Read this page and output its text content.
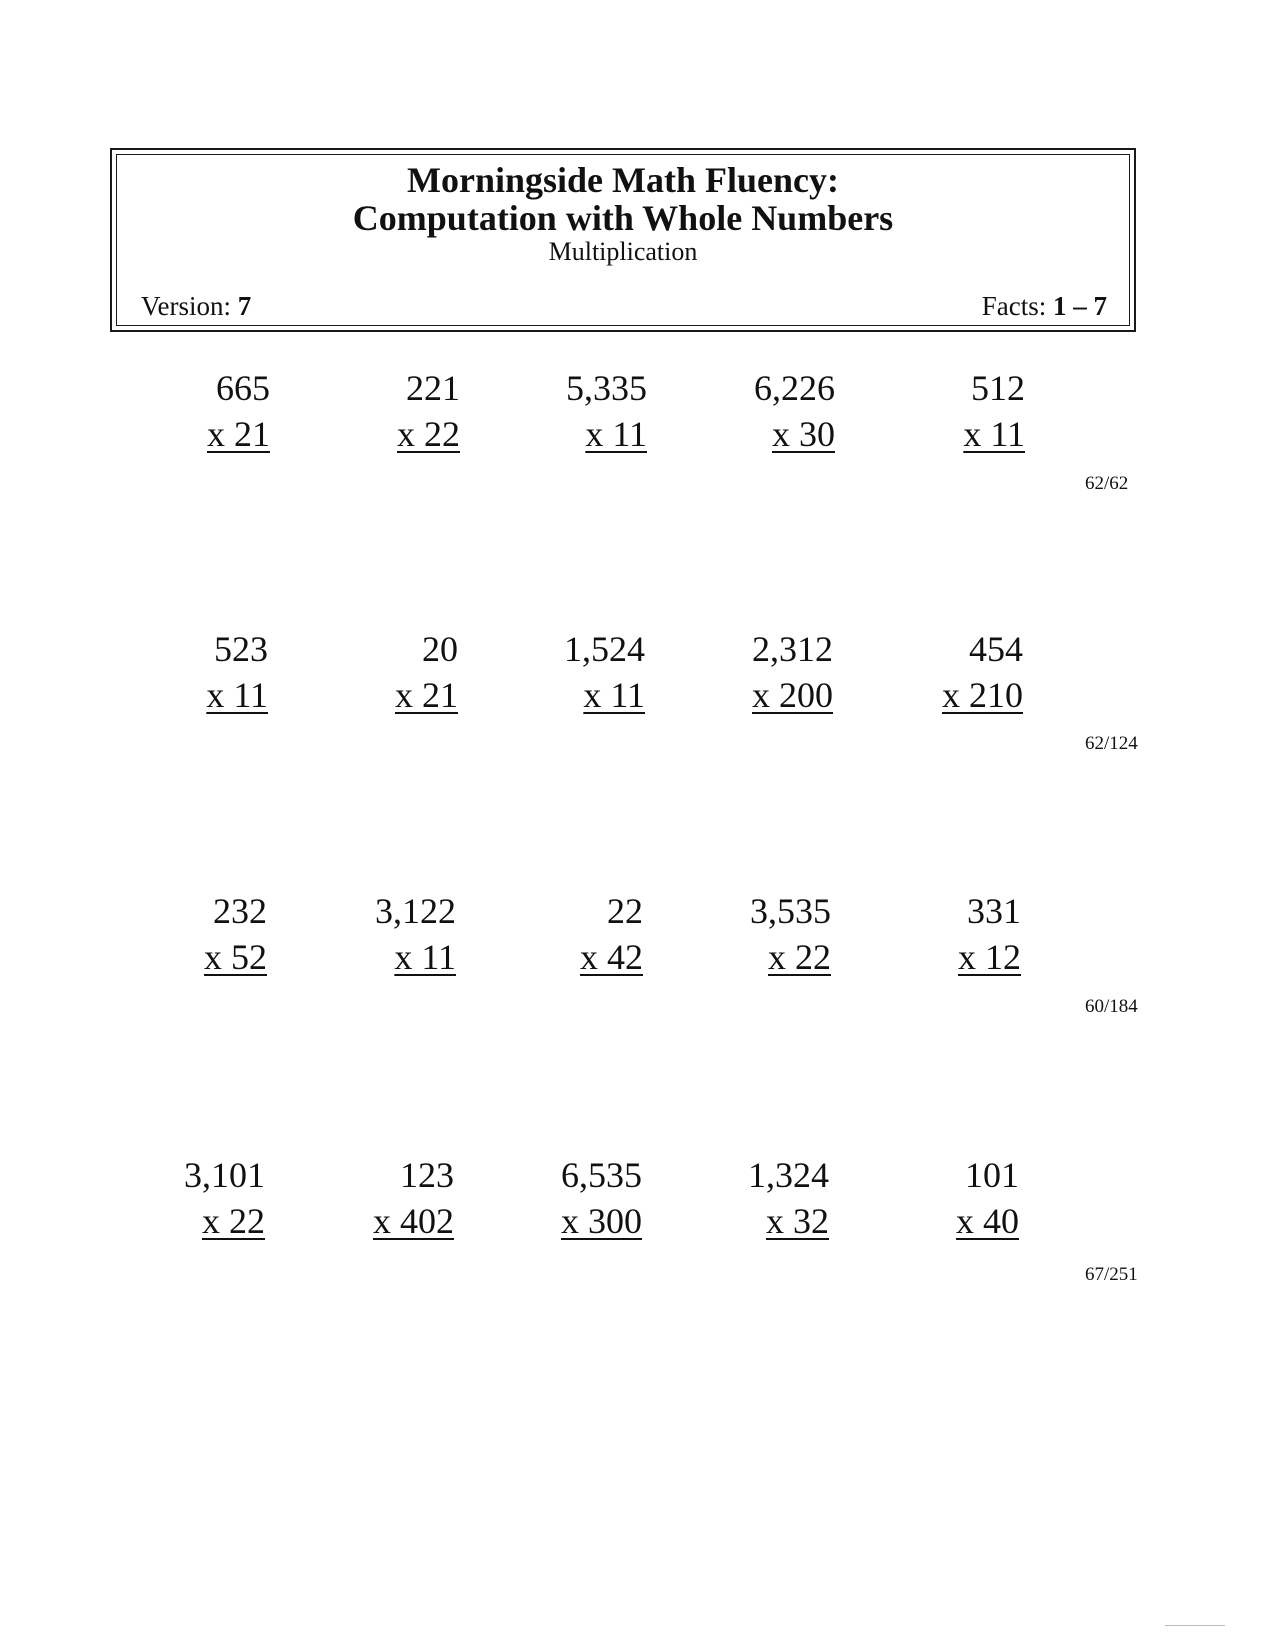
Morningside Math Fluency:
Computation with Whole Numbers
Multiplication
Version: 7	Facts: 1 – 7
665
x 21
221
x 22
5,335
x 11
6,226
x 30
512
x 11
62/62
523
x 11
20
x 21
1,524
x 11
2,312
x 200
454
x 210
62/124
232
x 52
3,122
x 11
22
x 42
3,535
x 22
331
x 12
60/184
3,101
x 22
123
x 402
6,535
x 300
1,324
x 32
101
x 40
67/251
